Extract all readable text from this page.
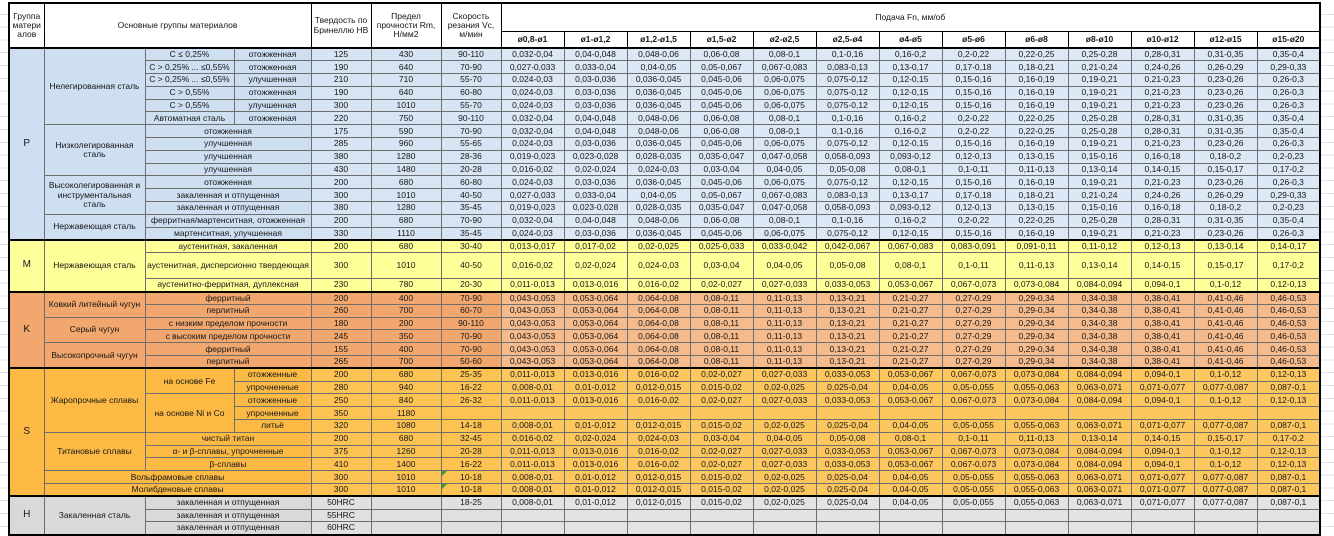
Группа материалов	Основные группы материалов			Твердость по Бринеллю HB	Предел прочности Rm, Н/мм2	Скорость резания Vc, м/мин	Подача Fn, мм/об												
							ø0,8-ø1	ø1-ø1,2	ø1,2-ø1,5	ø1,5-ø2	ø2-ø2,5	ø2,5-ø4	ø4-ø5	ø5-ø6	ø6-ø8	ø8-ø10	ø10-ø12	ø12-ø15	ø15-ø20
P	Нелегированная сталь	C ≤ 0,25%	отожженная	125	430	90-110	0,032-0,04	0,04-0,048	0,048-0,06	0,06-0,08	0,08-0,1	0,1-0,16	0,16-0,2	0,2-0,22	0,22-0,25	0,25-0,28	0,28-0,31	0,31-0,35	0,35-0,4
		C > 0,25% ... ≤0,55%	отожженная	190	640	70-90	0,027-0,033	0,033-0,04	0,04-0,05	0,05-0,067	0,067-0,083	0,083-0,13	0,13-0,17	0,17-0,18	0,18-0,21	0,21-0,24	0,24-0,26	0,26-0,29	0,29-0,33
		C > 0,25% ... ≤0,55%	улучшенная	210	710	55-70	0,024-0,03	0,03-0,036	0,036-0,045	0,045-0,06	0,06-0,075	0,075-0,12	0,12-0,15	0,15-0,16	0,16-0,19	0,19-0,21	0,21-0,23	0,23-0,26	0,26-0,3
		C > 0,55%	отожженная	190	640	60-80	0,024-0,03	0,03-0,036	0,036-0,045	0,045-0,06	0,06-0,075	0,075-0,12	0,12-0,15	0,15-0,16	0,16-0,19	0,19-0,21	0,21-0,23	0,23-0,26	0,26-0,3
		C > 0,55%	улучшенная	300	1010	55-70	0,024-0,03	0,03-0,036	0,036-0,045	0,045-0,06	0,06-0,075	0,075-0,12	0,12-0,15	0,15-0,16	0,16-0,19	0,19-0,21	0,21-0,23	0,23-0,26	0,26-0,3
		Автоматная сталь	отожженная	220	750	90-110	0,032-0,04	0,04-0,048	0,048-0,06	0,06-0,08	0,08-0,1	0,1-0,16	0,16-0,2	0,2-0,22	0,22-0,25	0,25-0,28	0,28-0,31	0,31-0,35	0,35-0,4
	Низколегированная сталь	отожженная		175	590	70-90	0,032-0,04	0,04-0,048	0,048-0,06	0,06-0,08	0,08-0,1	0,1-0,16	0,16-0,2	0,2-0,22	0,22-0,25	0,25-0,28	0,28-0,31	0,31-0,35	0,35-0,4
		улучшенная		285	960	55-65	0,024-0,03	0,03-0,036	0,036-0,045	0,045-0,06	0,06-0,075	0,075-0,12	0,12-0,15	0,15-0,16	0,16-0,19	0,19-0,21	0,21-0,23	0,23-0,26	0,26-0,3
		улучшенная		380	1280	28-36	0,019-0,023	0,023-0,028	0,028-0,035	0,035-0,047	0,047-0,058	0,058-0,093	0,093-0,12	0,12-0,13	0,13-0,15	0,15-0,16	0,16-0,18	0,18-0,2	0,2-0,23
		улучшенная		430	1480	20-28	0,016-0,02	0,02-0,024	0,024-0,03	0,03-0,04	0,04-0,05	0,05-0,08	0,08-0,1	0,1-0,11	0,11-0,13	0,13-0,14	0,14-0,15	0,15-0,17	0,17-0,2
	Высоколегированная и инструментальная сталь	отожженная		200	680	60-80	0,024-0,03	0,03-0,036	0,036-0,045	0,045-0,06	0,06-0,075	0,075-0,12	0,12-0,15	0,15-0,16	0,16-0,19	0,19-0,21	0,21-0,23	0,23-0,26	0,26-0,3
		закаленная и отпущенная		300	1010	40-50	0,027-0,033	0,033-0,04	0,04-0,05	0,05-0,067	0,067-0,083	0,083-0,13	0,13-0,17	0,17-0,18	0,18-0,21	0,21-0,24	0,24-0,26	0,26-0,29	0,29-0,33
		закаленная и отпущенная		380	1280	35-45	0,019-0,023	0,023-0,028	0,028-0,035	0,035-0,047	0,047-0,058	0,058-0,093	0,093-0,12	0,12-0,13	0,13-0,15	0,15-0,16	0,16-0,18	0,18-0,2	0,2-0,23
	Нержавеющая сталь	ферритная/мартенситная, отожженная		200	680	70-90	0,032-0,04	0,04-0,048	0,048-0,06	0,06-0,08	0,08-0,1	0,1-0,16	0,16-0,2	0,2-0,22	0,22-0,25	0,25-0,28	0,28-0,31	0,31-0,35	0,35-0,4
		мартенситная, улучшенная		330	1110	35-45	0,024-0,03	0,03-0,036	0,036-0,045	0,045-0,06	0,06-0,075	0,075-0,12	0,12-0,15	0,15-0,16	0,16-0,19	0,19-0,21	0,21-0,23	0,23-0,26	0,26-0,3
M	Нержавеющая сталь	аустенитная, закаленная		200	680	30-40	0,013-0,017	0,017-0,02	0,02-0,025	0,025-0,033	0,033-0,042	0,042-0,067	0,067-0,083	0,083-0,091	0,091-0,11	0,11-0,12	0,12-0,13	0,13-0,14	0,14-0,17
		аустенитная, дисперсионно твердеющая		300	1010	40-50	0,016-0,02	0,02-0,024	0,024-0,03	0,03-0,04	0,04-0,05	0,05-0,08	0,08-0,1	0,1-0,11	0,11-0,13	0,13-0,14	0,14-0,15	0,15-0,17	0,17-0,2
		аустенитно-ферритная, дуплексная		230	780	20-30	0,011-0,013	0,013-0,016	0,016-0,02	0,02-0,027	0,027-0,033	0,033-0,053	0,053-0,067	0,067-0,073	0,073-0,084	0,084-0,094	0,094-0,1	0,1-0,12	0,12-0,13
K	Ковкий литейный чугун	ферритный		200	400	70-90	0,043-0,053	0,053-0,064	0,064-0,08	0,08-0,11	0,11-0,13	0,13-0,21	0,21-0,27	0,27-0,29	0,29-0,34	0,34-0,38	0,38-0,41	0,41-0,46	0,46-0,53
		перлитный		260	700	60-70	0,043-0,053	0,053-0,064	0,064-0,08	0,08-0,11	0,11-0,13	0,13-0,21	0,21-0,27	0,27-0,29	0,29-0,34	0,34-0,38	0,38-0,41	0,41-0,46	0,46-0,53
	Серый чугун	с низким пределом прочности		180	200	90-110	0,043-0,053	0,053-0,064	0,064-0,08	0,08-0,11	0,11-0,13	0,13-0,21	0,21-0,27	0,27-0,29	0,29-0,34	0,34-0,38	0,38-0,41	0,41-0,46	0,46-0,53
		с высоким пределом прочности		245	350	70-90	0,043-0,053	0,053-0,064	0,064-0,08	0,08-0,11	0,11-0,13	0,13-0,21	0,21-0,27	0,27-0,29	0,29-0,34	0,34-0,38	0,38-0,41	0,41-0,46	0,46-0,53
	Высокопрочный чугун	ферритный		155	400	70-90	0,043-0,053	0,053-0,064	0,064-0,08	0,08-0,11	0,11-0,13	0,13-0,21	0,21-0,27	0,27-0,29	0,29-0,34	0,34-0,38	0,38-0,41	0,41-0,46	0,46-0,53
		перлитный		265	700	50-60	0,043-0,053	0,053-0,064	0,064-0,08	0,08-0,11	0,11-0,13	0,13-0,21	0,21-0,27	0,27-0,29	0,29-0,34	0,34-0,38	0,38-0,41	0,41-0,46	0,46-0,53
S	Жаропрочные сплавы	на основе Fe	отожженные	200	680	25-35	0,011-0,013	0,013-0,016	0,016-0,02	0,02-0,027	0,027-0,033	0,033-0,053	0,053-0,067	0,067-0,073	0,073-0,084	0,084-0,094	0,094-0,1	0,1-0,12	0,12-0,13
			упрочненные	280	940	16-22	0,008-0,01	0,01-0,012	0,012-0,015	0,015-0,02	0,02-0,025	0,025-0,04	0,04-0,05	0,05-0,055	0,055-0,063	0,063-0,071	0,071-0,077	0,077-0,087	0,087-0,1
		на основе Ni и Co	отожженные	250	840	26-32	0,011-0,013	0,013-0,016	0,016-0,02	0,02-0,027	0,027-0,033	0,033-0,053	0,053-0,067	0,067-0,073	0,073-0,084	0,084-0,094	0,094-0,1	0,1-0,12	0,12-0,13
			упрочненные	350	1180														
			литьё	320	1080	14-18	0,008-0,01	0,01-0,012	0,012-0,015	0,015-0,02	0,02-0,025	0,025-0,04	0,04-0,05	0,05-0,055	0,055-0,063	0,063-0,071	0,071-0,077	0,077-0,087	0,087-0,1
	Титановые сплавы	чистый титан		200	680	32-45	0,016-0,02	0,02-0,024	0,024-0,03	0,03-0,04	0,04-0,05	0,05-0,08	0,08-0,1	0,1-0,11	0,11-0,13	0,13-0,14	0,14-0,15	0,15-0,17	0,17-0,2
		α- и β-сплавы, упрочненные		375	1260	20-28	0,011-0,013	0,013-0,016	0,016-0,02	0,02-0,027	0,027-0,033	0,033-0,053	0,053-0,067	0,067-0,073	0,073-0,084	0,084-0,094	0,094-0,1	0,1-0,12	0,12-0,13
		β-сплавы		410	1400	16-22	0,011-0,013	0,013-0,016	0,016-0,02	0,02-0,027	0,027-0,033	0,033-0,053	0,053-0,067	0,067-0,073	0,073-0,084	0,084-0,094	0,094-0,1	0,1-0,12	0,12-0,13
	Вольфрамовые сплавы			300	1010	10-18	0,008-0,01	0,01-0,012	0,012-0,015	0,015-0,02	0,02-0,025	0,025-0,04	0,04-0,05	0,05-0,055	0,055-0,063	0,063-0,071	0,071-0,077	0,077-0,087	0,087-0,1
	Молибденовые сплавы			300	1010	10-18	0,008-0,01	0,01-0,012	0,012-0,015	0,015-0,02	0,02-0,025	0,025-0,04	0,04-0,05	0,05-0,055	0,055-0,063	0,063-0,071	0,071-0,077	0,077-0,087	0,087-0,1
H	Закаленная сталь	закаленная и отпущенная		50HRC		18-25	0,008-0,01	0,01-0,012	0,012-0,015	0,015-0,02	0,02-0,025	0,025-0,04	0,04-0,05	0,05-0,055	0,055-0,063	0,063-0,071	0,071-0,077	0,077-0,087	0,087-0,1
		закаленная и отпущенная		55HRC															
		закаленная и отпущенная		60HRC															
